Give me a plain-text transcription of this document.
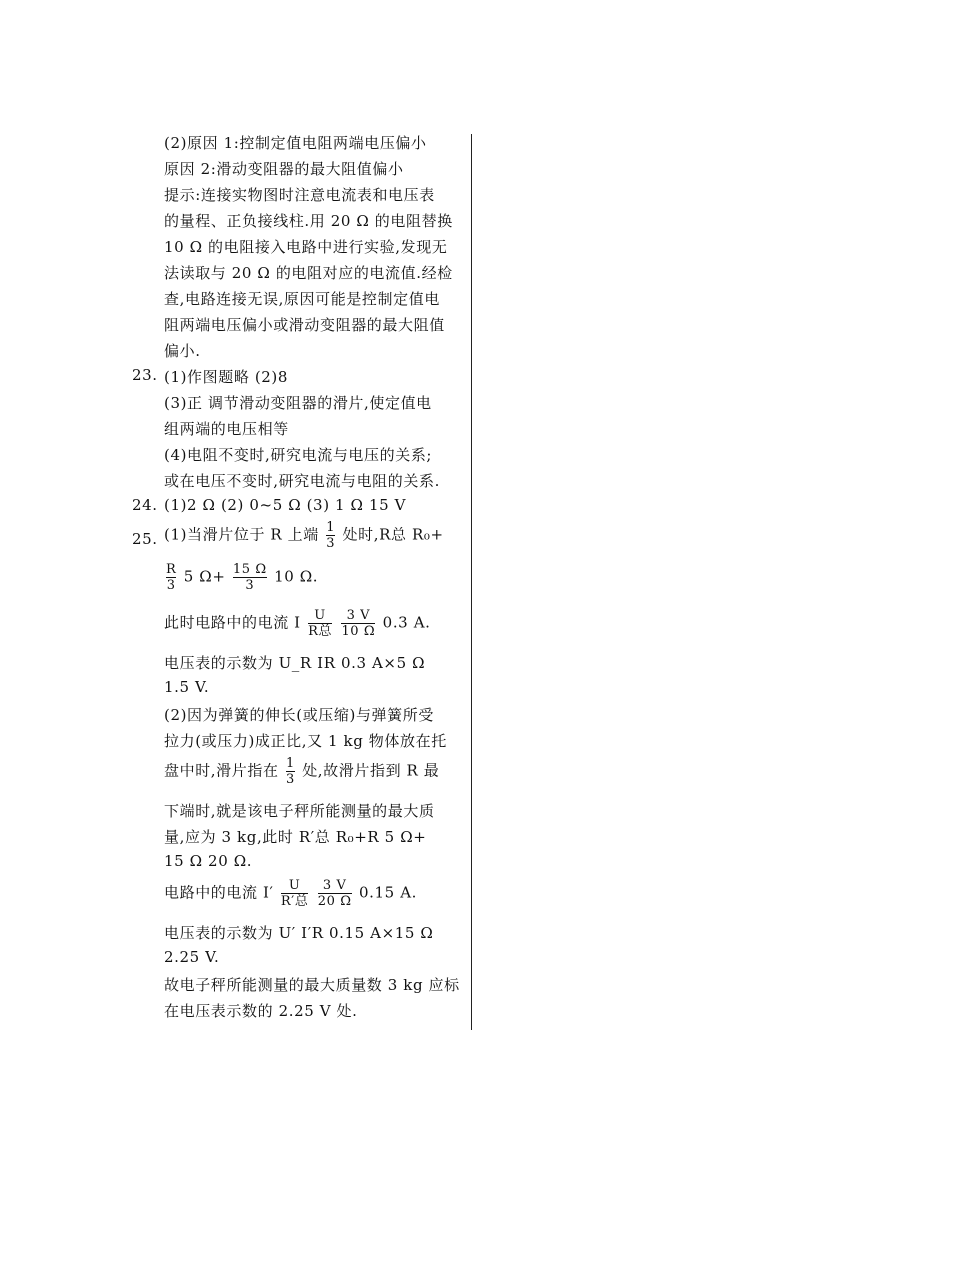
(2)原因 1:控制定值电阻两端电压偏小
原因 2:滑动变阻器的最大阻值偏小
提示:连接实物图时注意电流表和电压表
的量程、正负接线柱.用 20 Ω 的电阻替换
10 Ω 的电阻接入电路中进行实验,发现无
法读取与 20 Ω 的电阻对应的电流值.经检
查,电路连接无误,原因可能是控制定值电
阻两端电压偏小或滑动变阻器的最大阻值
偏小.
23. (1)作图题略 (2)8
(3)正 调节滑动变阻器的滑片,使定值电
组两端的电压相等
(4)电阻不变时,研究电流与电压的关系;
或在电压不变时,研究电流与电阻的关系.
24. (1)2 Ω (2) 0~5 Ω (3) 1 Ω 15 V
25. (1)当滑片位于 R 上端 $\frac{1}{3}$ 处时,R总 R₀+
$\frac{R}{3} 5$ $\Omega+ \frac{15 \Omega}{3} 10$ Ω.
此时电路中的电流 I $\frac{U}{\text{R总}}$
$\frac{3 V}{10 \Omega} 0.3$ A.
电压表的示数为 U_R IR 0.3 A×5 Ω
1.5 V.
(2)因为弹簧的伸长(或压缩)与弹簧所受
拉力(或压力)成正比,又 1 kg 物体放在托
盘中时,滑片指在 $\frac{1}{3}$ 处,故滑片指到 R 最
下端时,就是该电子秤所能测量的最大质
量,应为 3 kg,此时 R′总 R₀+R 5 Ω+
15 Ω 20 Ω.
电路中的电流 $I' \frac{U}{\text{R′总}}$
$\frac{3 V}{20 \Omega} 0.15$ A.
电压表的示数为 U′ I′R 0.15 A×15 Ω
2.25 V.
故电子秤所能测量的最大质量数 3 kg 应标
在电压表示数的 2.25 V 处.
